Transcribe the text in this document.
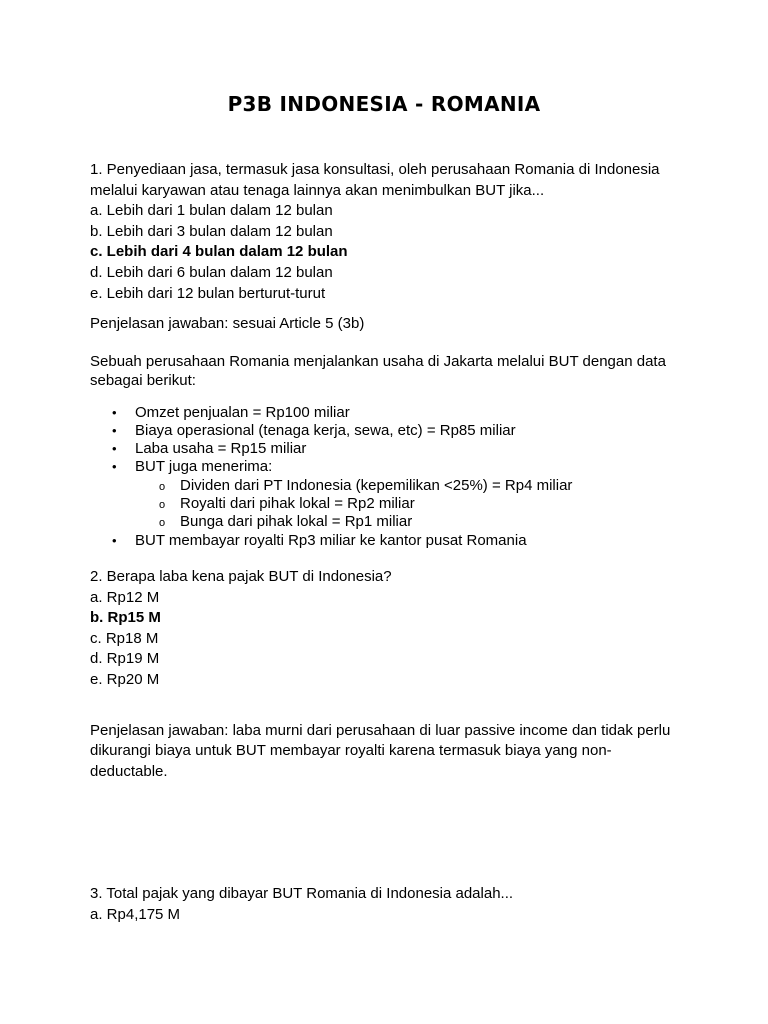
P3B INDONESIA - ROMANIA
1. Penyediaan jasa, termasuk jasa konsultasi, oleh perusahaan Romania di Indonesia
melalui karyawan atau tenaga lainnya akan menimbulkan BUT jika...
a. Lebih dari 1 bulan dalam 12 bulan
b. Lebih dari 3 bulan dalam 12 bulan
c. Lebih dari 4 bulan dalam 12 bulan
d. Lebih dari 6 bulan dalam 12 bulan
e. Lebih dari 12 bulan berturut-turut
Penjelasan jawaban: sesuai Article 5 (3b)
Sebuah perusahaan Romania menjalankan usaha di Jakarta melalui BUT dengan data
sebagai berikut:
• Omzet penjualan = Rp100 miliar
• Biaya operasional (tenaga kerja, sewa, etc) = Rp85 miliar
• Laba usaha = Rp15 miliar
• BUT juga menerima:
o Dividen dari PT Indonesia (kepemilikan <25%) = Rp4 miliar
o Royalti dari pihak lokal = Rp2 miliar
o Bunga dari pihak lokal = Rp1 miliar
• BUT membayar royalti Rp3 miliar ke kantor pusat Romania
2. Berapa laba kena pajak BUT di Indonesia?
a. Rp12 M
b. Rp15 M
c. Rp18 M
d. Rp19 M
e. Rp20 M
Penjelasan jawaban: laba murni dari perusahaan di luar passive income dan tidak perlu
dikurangi biaya untuk BUT membayar royalti karena termasuk biaya yang non-
deductable.
3. Total pajak yang dibayar BUT Romania di Indonesia adalah...
a. Rp4,175 M
